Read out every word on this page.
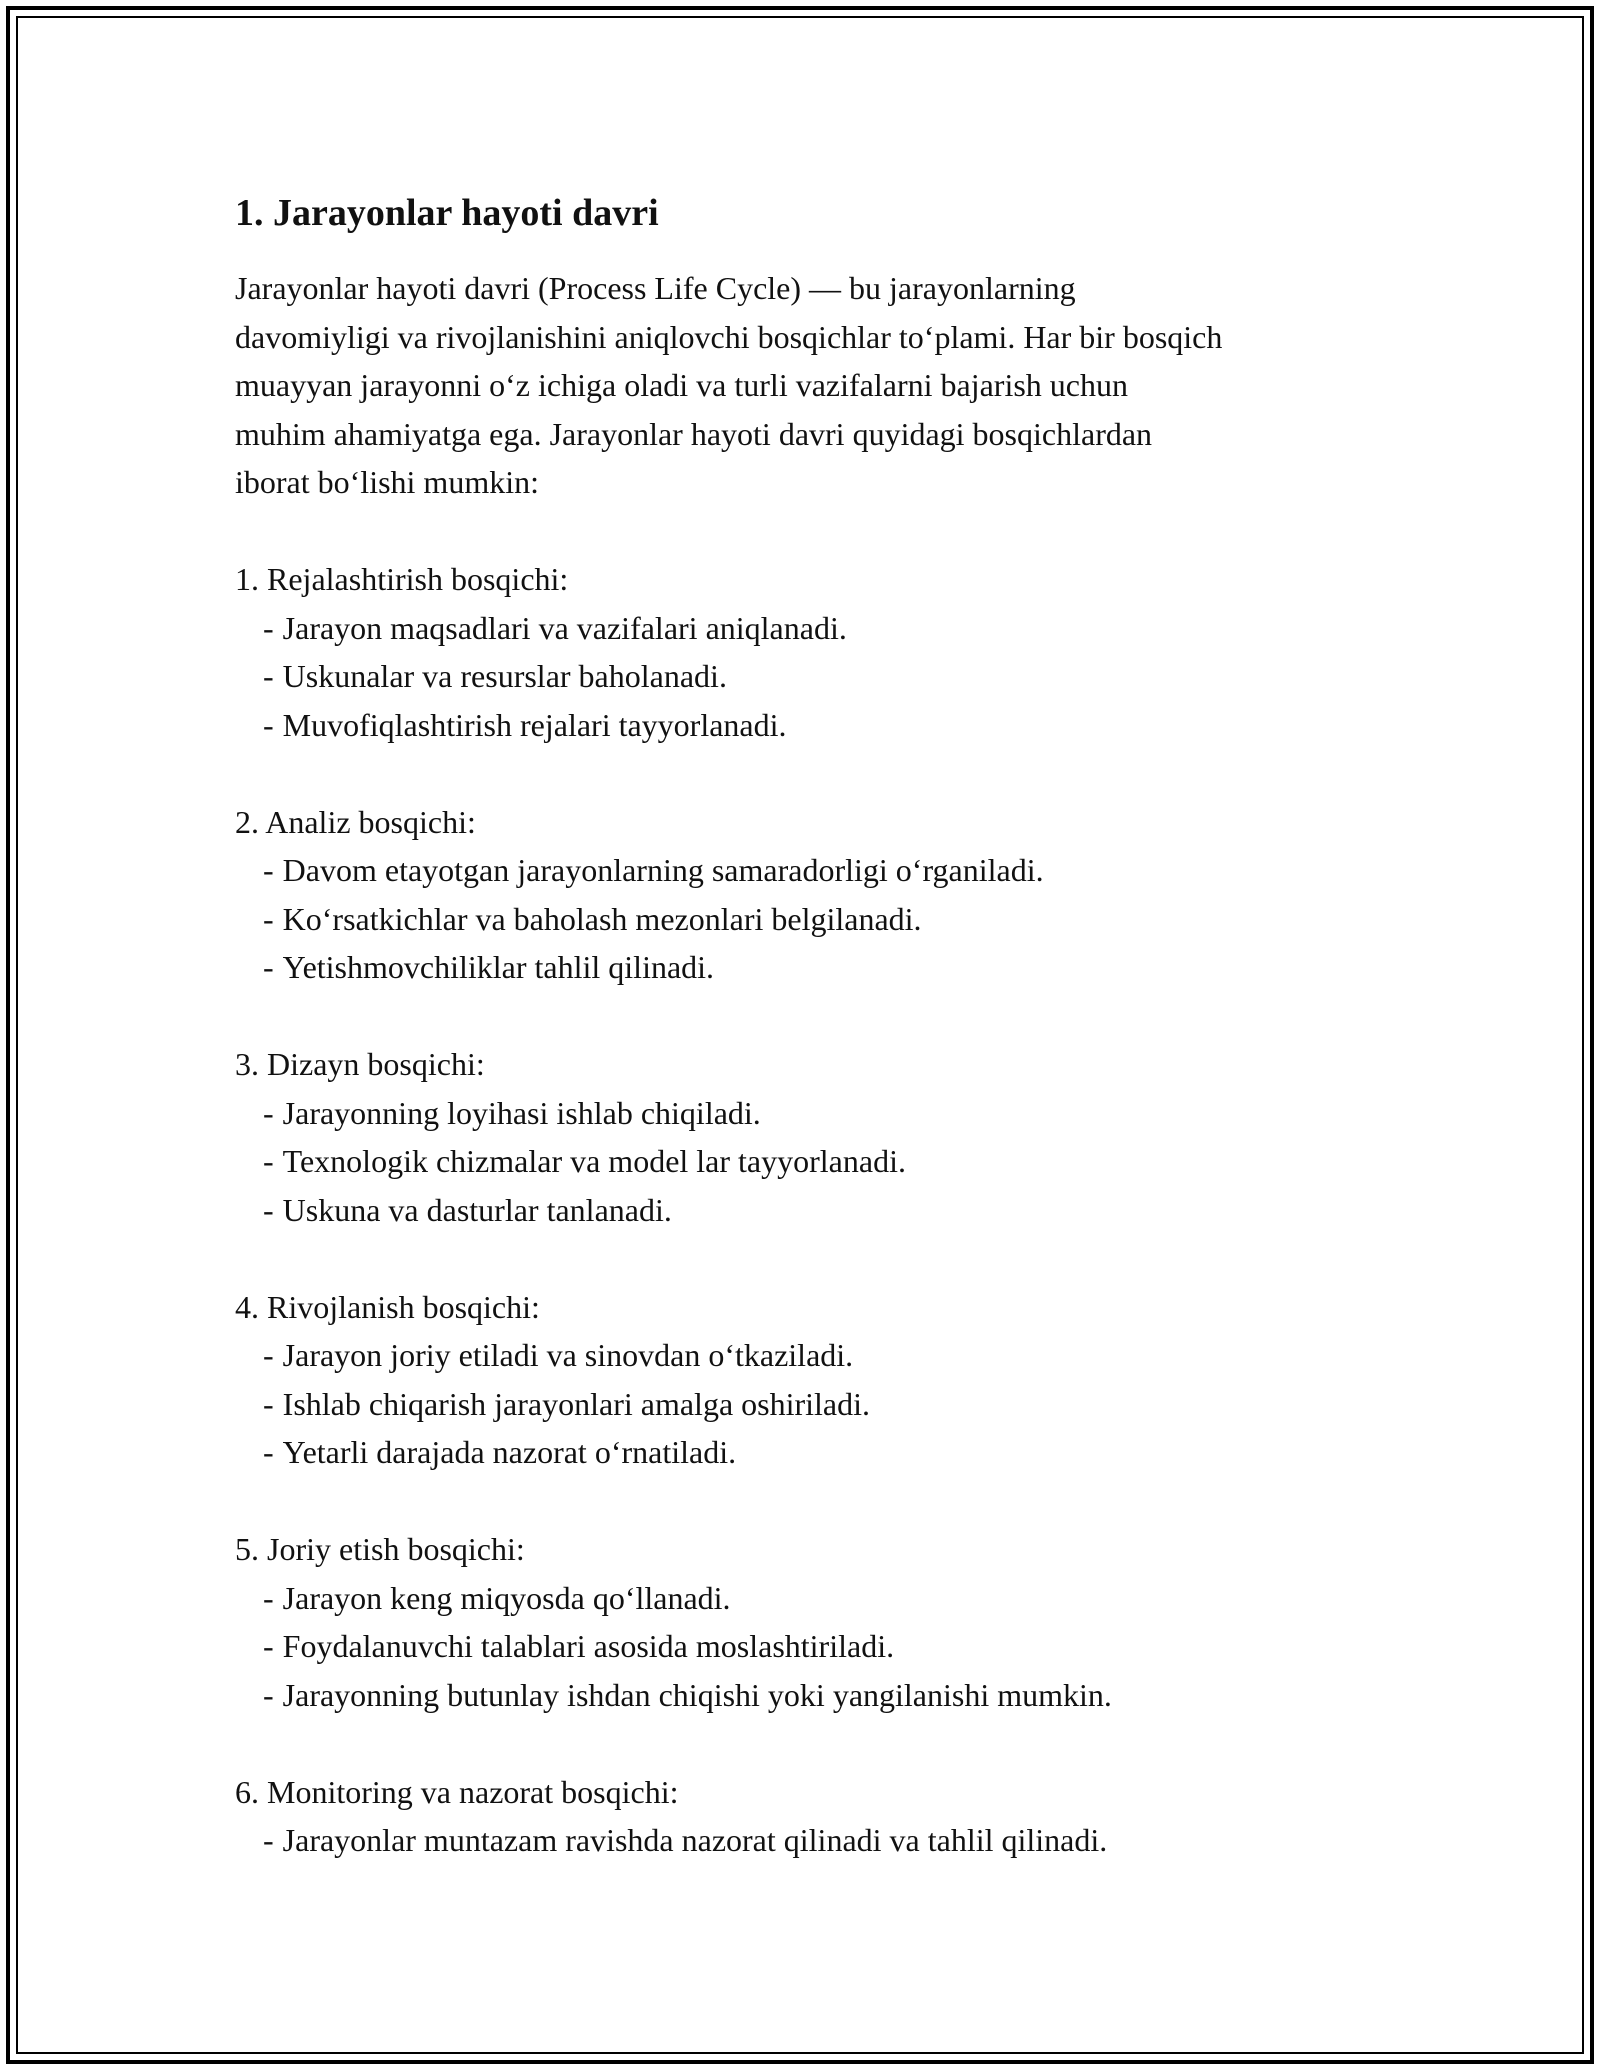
1. Jarayonlar hayoti davri

Jarayonlar hayoti davri (Process Life Cycle) — bu jarayonlarning
davomiyligi va rivojlanishini aniqlovchi bosqichlar to‘plami. Har bir bosqich
muayyan jarayonni o‘z ichiga oladi va turli vazifalarni bajarish uchun
muhim ahamiyatga ega. Jarayonlar hayoti davri quyidagi bosqichlardan
iborat bo‘lishi mumkin:

1. Rejalashtirish bosqichi:
- Jarayon maqsadlari va vazifalari aniqlanadi.
- Uskunalar va resurslar baholanadi.
- Muvofiqlashtirish rejalari tayyorlanadi.
2. Analiz bosqichi:
- Davom etayotgan jarayonlarning samaradorligi o‘rganiladi.
- Ko‘rsatkichlar va baholash mezonlari belgilanadi.
- Yetishmovchiliklar tahlil qilinadi.
3. Dizayn bosqichi:
- Jarayonning loyihasi ishlab chiqiladi.
- Texnologik chizmalar va model lar tayyorlanadi.
- Uskuna va dasturlar tanlanadi.
4. Rivojlanish bosqichi:
- Jarayon joriy etiladi va sinovdan o‘tkaziladi.
- Ishlab chiqarish jarayonlari amalga oshiriladi.
- Yetarli darajada nazorat o‘rnatiladi.
5. Joriy etish bosqichi:
- Jarayon keng miqyosda qo‘llanadi.
- Foydalanuvchi talablari asosida moslashtiriladi.
- Jarayonning butunlay ishdan chiqishi yoki yangilanishi mumkin.
6. Monitoring va nazorat bosqichi:
- Jarayonlar muntazam ravishda nazorat qilinadi va tahlil qilinadi.
